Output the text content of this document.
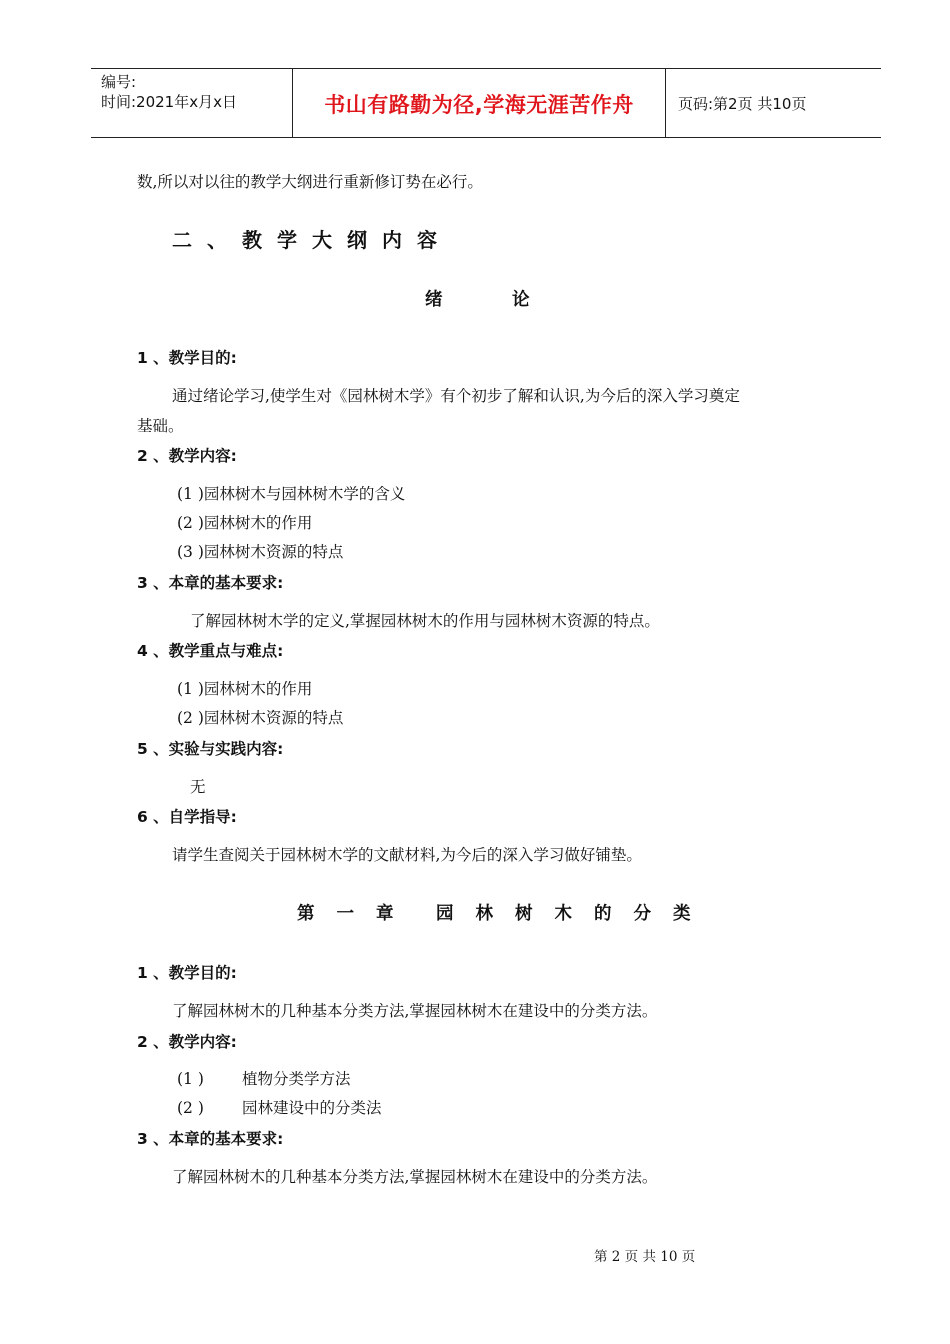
编号:
时间:2021年x月x日	书山有路勤为径,学海无涯苦作舟	页码:第2页 共10页
数,所以对以往的教学大纲进行重新修订势在必行。
二、教学大纲内容
绪	论
1 、教学目的:
通过绪论学习,使学生对《园林树木学》有个初步了解和认识,为今后的深入学习奠定
基础。
2 、教学内容:
(1 )园林树木与园林树木学的含义
(2 )园林树木的作用
(3 )园林树木资源的特点
3 、本章的基本要求:
了解园林树木学的定义,掌握园林树木的作用与园林树木资源的特点。
4 、教学重点与难点:
(1 )园林树木的作用
(2 )园林树木资源的特点
5 、实验与实践内容:
无
6 、自学指导:
请学生查阅关于园林树木学的文献材料,为今后的深入学习做好铺垫。
第一章 园林树木的分类
1 、教学目的:
了解园林树木的几种基本分类方法,掌握园林树木在建设中的分类方法。
2 、教学内容:
(1 ) 植物分类学方法
(2 ) 园林建设中的分类法
3 、本章的基本要求:
了解园林树木的几种基本分类方法,掌握园林树木在建设中的分类方法。
第 2 页 共 10 页
